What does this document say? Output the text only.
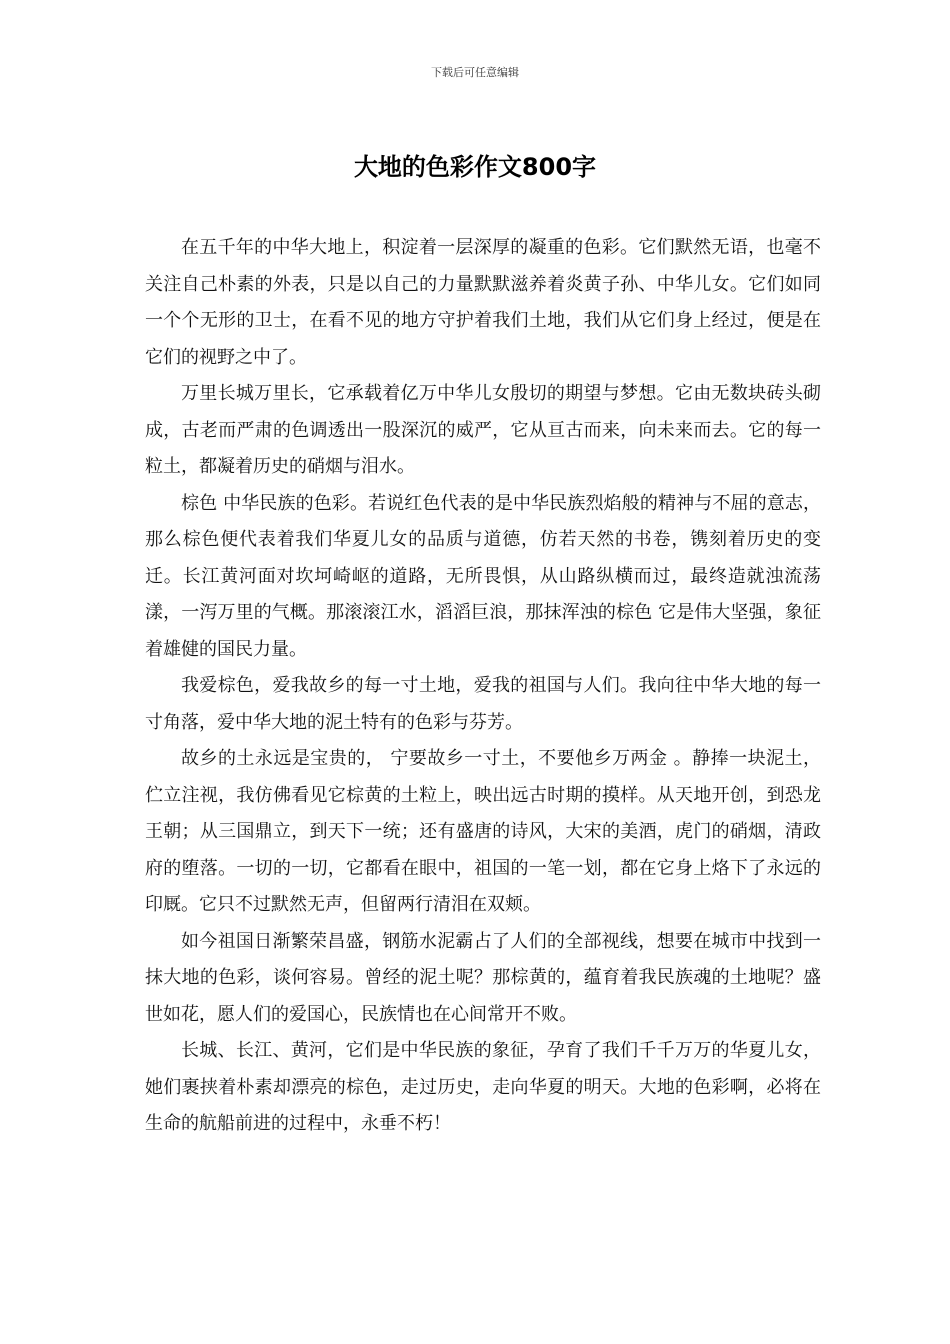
下载后可任意编辑
大地的色彩作文800字

在五千年的中华大地上，积淀着一层深厚的凝重的色彩。它们默然无语，也毫不关注自己朴素的外表，只是以自己的力量默默滋养着炎黄子孙、中华儿女。它们如同一个个无形的卫士，在看不见的地方守护着我们土地，我们从它们身上经过，便是在它们的视野之中了。

万里长城万里长，它承载着亿万中华儿女殷切的期望与梦想。它由无数块砖头砌成，古老而严肃的色调透出一股深沉的威严，它从亘古而来，向未来而去。它的每一粒土，都凝着历史的硝烟与泪水。

棕色 中华民族的色彩。若说红色代表的是中华民族烈焰般的精神与不屈的意志，那么棕色便代表着我们华夏儿女的品质与道德，仿若天然的书卷，镌刻着历史的变迁。长江黄河面对坎坷崎岖的道路，无所畏惧，从山路纵横而过，最终造就浊流荡漾，一泻万里的气概。那滚滚江水，滔滔巨浪，那抹浑浊的棕色 它是伟大坚强，象征着雄健的国民力量。

我爱棕色，爱我故乡的每一寸土地，爱我的祖国与人们。我向往中华大地的每一寸角落，爱中华大地的泥土特有的色彩与芬芳。

故乡的土永远是宝贵的， 宁要故乡一寸土，不要他乡万两金 。静捧一块泥土，伫立注视，我仿佛看见它棕黄的土粒上，映出远古时期的摸样。从天地开创，到恐龙王朝；从三国鼎立，到天下一统；还有盛唐的诗风，大宋的美酒，虎门的硝烟，清政府的堕落。一切的一切，它都看在眼中，祖国的一笔一划，都在它身上烙下了永远的印厩。它只不过默然无声，但留两行清泪在双颊。

如今祖国日渐繁荣昌盛，钢筋水泥霸占了人们的全部视线，想要在城市中找到一抹大地的色彩，谈何容易。曾经的泥土呢？那棕黄的，蕴育着我民族魂的土地呢？盛世如花，愿人们的爱国心，民族情也在心间常开不败。

长城、长江、黄河，它们是中华民族的象征，孕育了我们千千万万的华夏儿女，她们裹挟着朴素却漂亮的棕色，走过历史，走向华夏的明天。大地的色彩啊，必将在生命的航船前进的过程中，永垂不朽！
